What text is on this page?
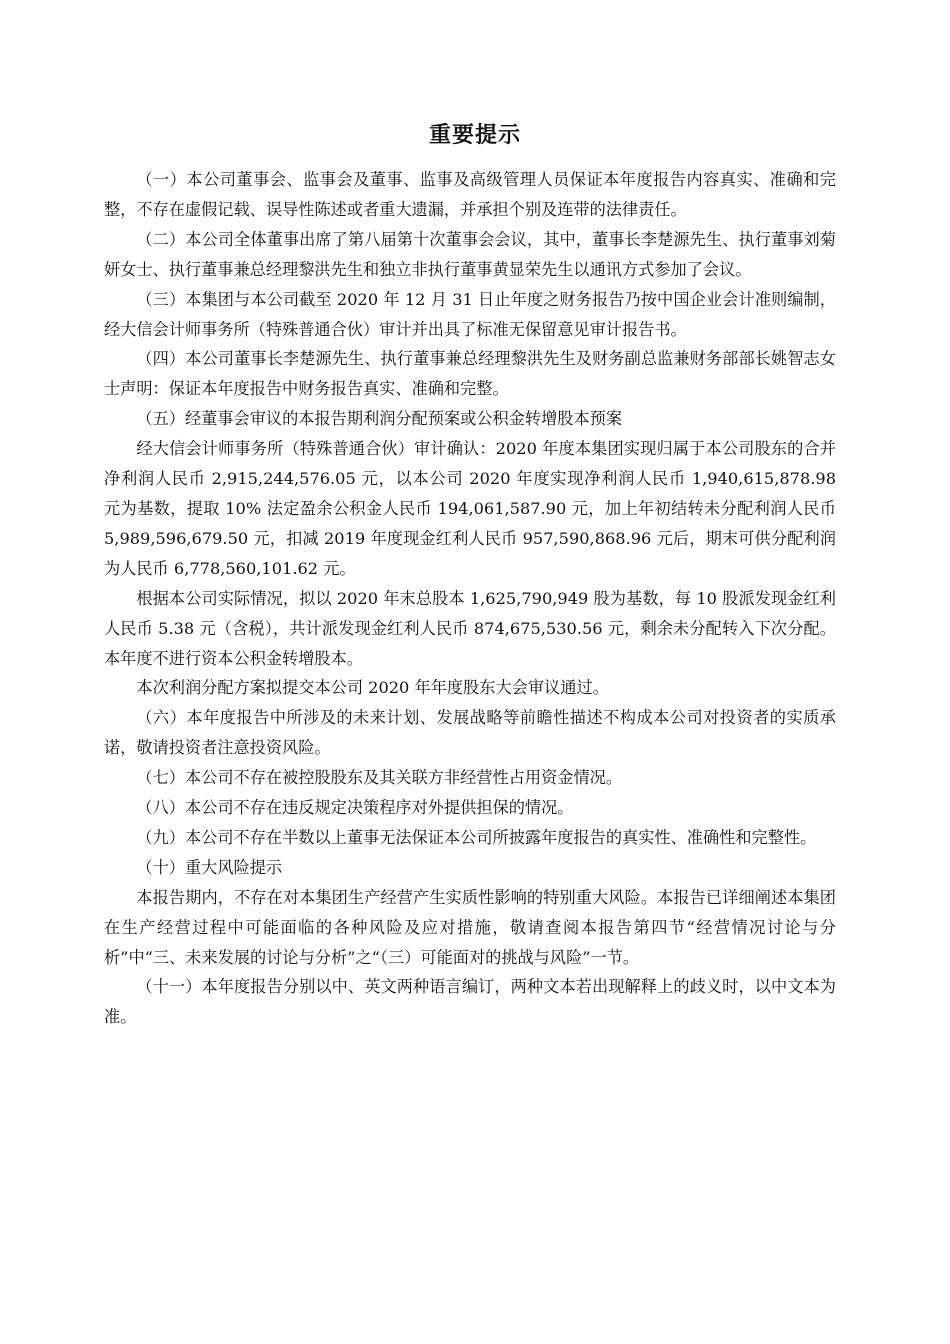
重要提示

（一）本公司董事会、监事会及董事、监事及高级管理人员保证本年度报告内容真实、准确和完整，不存在虚假记载、误导性陈述或者重大遗漏，并承担个别及连带的法律责任。

（二）本公司全体董事出席了第八届第十次董事会会议，其中，董事长李楚源先生、执行董事刘菊妍女士、执行董事兼总经理黎洪先生和独立非执行董事黄显荣先生以通讯方式参加了会议。

（三）本集团与本公司截至 2020 年 12 月 31 日止年度之财务报告乃按中国企业会计准则编制，经大信会计师事务所（特殊普通合伙）审计并出具了标准无保留意见审计报告书。

（四）本公司董事长李楚源先生、执行董事兼总经理黎洪先生及财务副总监兼财务部部长姚智志女士声明：保证本年度报告中财务报告真实、准确和完整。

（五）经董事会审议的本报告期利润分配预案或公积金转增股本预案

经大信会计师事务所（特殊普通合伙）审计确认：2020 年度本集团实现归属于本公司股东的合并净利润人民币 2,915,244,576.05 元，以本公司 2020 年度实现净利润人民币 1,940,615,878.98 元为基数，提取 10% 法定盈余公积金人民币 194,061,587.90 元，加上年初结转未分配利润人民币 5,989,596,679.50 元，扣减 2019 年度现金红利人民币 957,590,868.96 元后，期末可供分配利润为人民币 6,778,560,101.62 元。

根据本公司实际情况，拟以 2020 年末总股本 1,625,790,949 股为基数，每 10 股派发现金红利人民币 5.38 元（含税），共计派发现金红利人民币 874,675,530.56 元，剩余未分配转入下次分配。本年度不进行资本公积金转增股本。

本次利润分配方案拟提交本公司 2020 年年度股东大会审议通过。

（六）本年度报告中所涉及的未来计划、发展战略等前瞻性描述不构成本公司对投资者的实质承诺，敬请投资者注意投资风险。

（七）本公司不存在被控股股东及其关联方非经营性占用资金情况。

（八）本公司不存在违反规定决策程序对外提供担保的情况。

（九）本公司不存在半数以上董事无法保证本公司所披露年度报告的真实性、准确性和完整性。

（十）重大风险提示

本报告期内，不存在对本集团生产经营产生实质性影响的特别重大风险。本报告已详细阐述本集团在生产经营过程中可能面临的各种风险及应对措施，敬请查阅本报告第四节“经营情况讨论与分析”中“三、未来发展的讨论与分析”之“（三）可能面对的挑战与风险”一节。

（十一）本年度报告分别以中、英文两种语言编订，两种文本若出现解释上的歧义时，以中文本为准。
